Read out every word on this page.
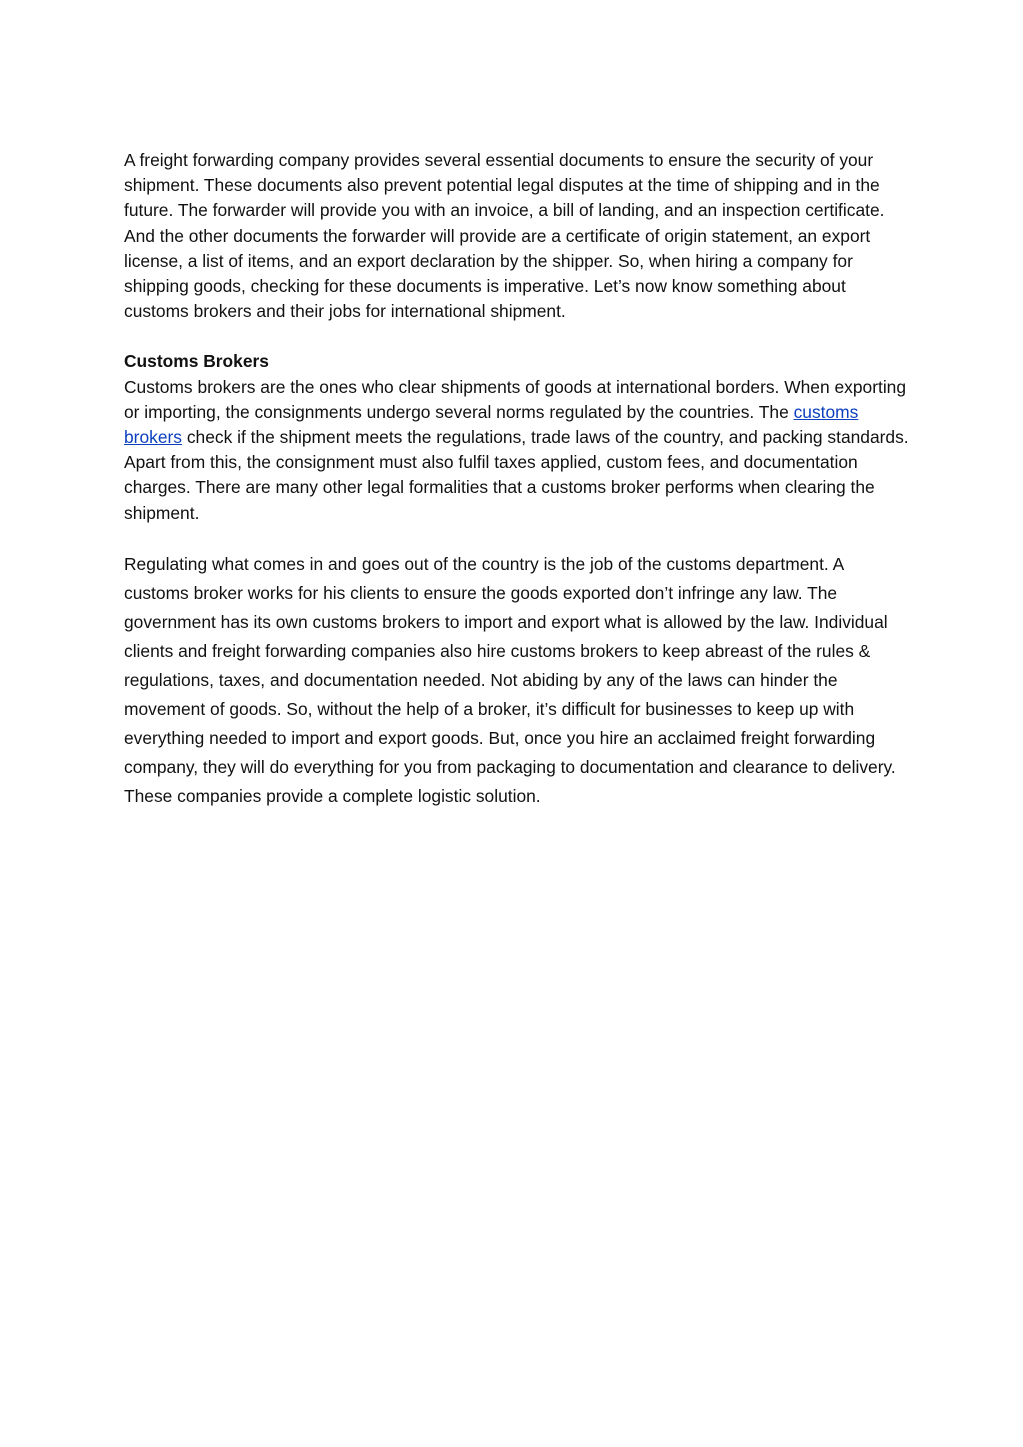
A freight forwarding company provides several essential documents to ensure the security of your shipment. These documents also prevent potential legal disputes at the time of shipping and in the future. The forwarder will provide you with an invoice, a bill of landing, and an inspection certificate. And the other documents the forwarder will provide are a certificate of origin statement, an export license, a list of items, and an export declaration by the shipper. So, when hiring a company for shipping goods, checking for these documents is imperative. Let’s now know something about customs brokers and their jobs for international shipment.

Customs Brokers

Customs brokers are the ones who clear shipments of goods at international borders. When exporting or importing, the consignments undergo several norms regulated by the countries. The customs brokers check if the shipment meets the regulations, trade laws of the country, and packing standards. Apart from this, the consignment must also fulfil taxes applied, custom fees, and documentation charges. There are many other legal formalities that a customs broker performs when clearing the shipment.

Regulating what comes in and goes out of the country is the job of the customs department. A customs broker works for his clients to ensure the goods exported don’t infringe any law. The government has its own customs brokers to import and export what is allowed by the law. Individual clients and freight forwarding companies also hire customs brokers to keep abreast of the rules & regulations, taxes, and documentation needed. Not abiding by any of the laws can hinder the movement of goods. So, without the help of a broker, it’s difficult for businesses to keep up with everything needed to import and export goods. But, once you hire an acclaimed freight forwarding company, they will do everything for you from packaging to documentation and clearance to delivery. These companies provide a complete logistic solution.
